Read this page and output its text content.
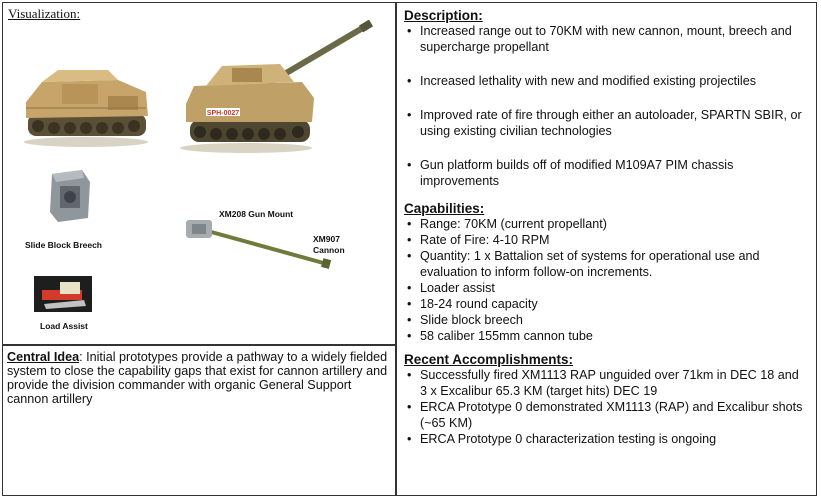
Visualization:
SPH-0027
Slide Block Breech
XM208 Gun Mount
XM907
Cannon
Load Assist
Central Idea: Initial prototypes provide a pathway to a widely fielded system to close the capability gaps that exist for cannon artillery and provide the division commander with organic General Support cannon artillery
Description:
• Increased range out to 70KM with new cannon, mount, breech and supercharge propellant
• Increased lethality with new and modified existing projectiles
• Improved rate of fire through either an autoloader, SPARTN SBIR, or using existing civilian technologies
• Gun platform builds off of modified M109A7 PIM chassis improvements
Capabilities:
• Range: 70KM (current propellant)
• Rate of Fire: 4-10 RPM
• Quantity: 1 x Battalion set of systems for operational use and evaluation to inform follow-on increments.
• Loader assist
• 18-24 round capacity
• Slide block breech
• 58 caliber 155mm cannon tube
Recent Accomplishments:
• Successfully fired XM1113 RAP unguided over 71km in DEC 18 and 3 x Excalibur 65.3 KM (target hits) DEC 19
• ERCA Prototype 0 demonstrated XM1113 (RAP) and Excalibur shots (~65 KM)
• ERCA Prototype 0 characterization testing is ongoing
